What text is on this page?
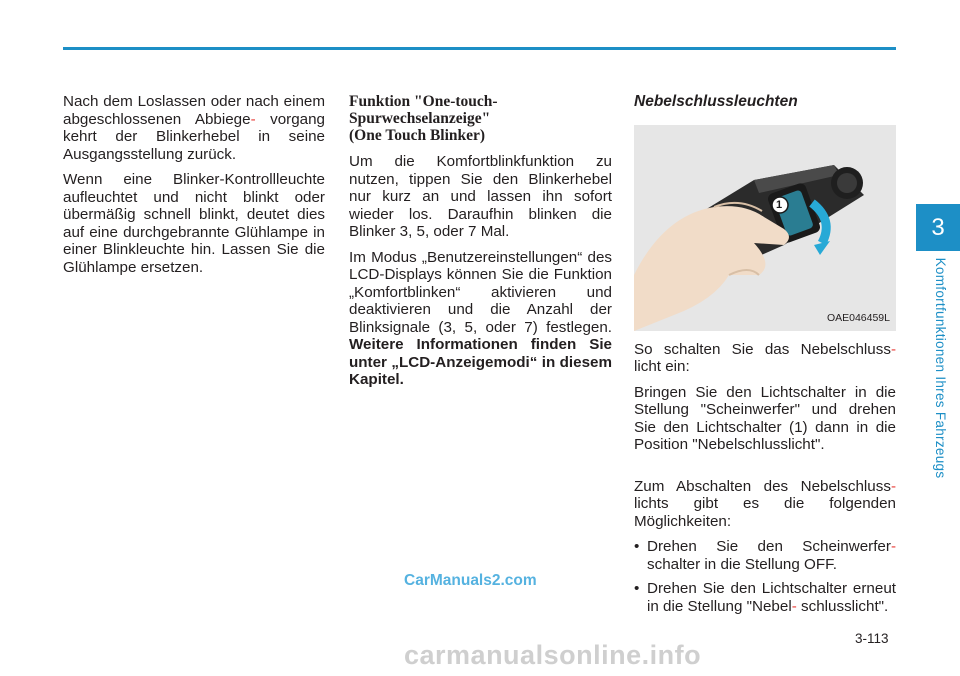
Nach dem Loslassen oder nach einem abgeschlossenen Abbiege- vorgang kehrt der Blinkerhebel in seine Ausgangsstellung zurück.

Wenn eine Blinker-Kontrollleuchte aufleuchtet und nicht blinkt oder übermäßig schnell blinkt, deutet dies auf eine durchgebrannte Glühlampe in einer Blinkleuchte hin. Lassen Sie die Glühlampe ersetzen.

Funktion "One-touch-
Spurwechselanzeige"
(One Touch Blinker)

Um die Komfortblinkfunktion zu nutzen, tippen Sie den Blinkerhebel nur kurz an und lassen ihn sofort wieder los. Daraufhin blinken die Blinker 3, 5, oder 7 Mal.

Im Modus „Benutzereinstellungen“ des LCD-Displays können Sie die Funktion „Komfortblinken“ aktivieren und deaktivieren und die Anzahl der Blinksignale (3, 5, oder 7) festlegen. Weitere Informationen finden Sie unter „LCD-Anzeigemodi“ in diesem Kapitel.

Nebelschlussleuchten
1
OAE046459L

So schalten Sie das Nebelschluss- licht ein:

Bringen Sie den Lichtschalter in die Stellung "Scheinwerfer" und drehen Sie den Lichtschalter (1) dann in die Position "Nebelschlusslicht".

Zum Abschalten des Nebelschluss- lichts gibt es die folgenden Möglichkeiten:

• Drehen Sie den Scheinwerfer- schalter in die Stellung OFF.
• Drehen Sie den Lichtschalter erneut in die Stellung "Nebel- schlusslicht".
3
Komfortfunktionen Ihres Fahrzeugs
3-113
CarManuals2.com
carmanualsonline.info
